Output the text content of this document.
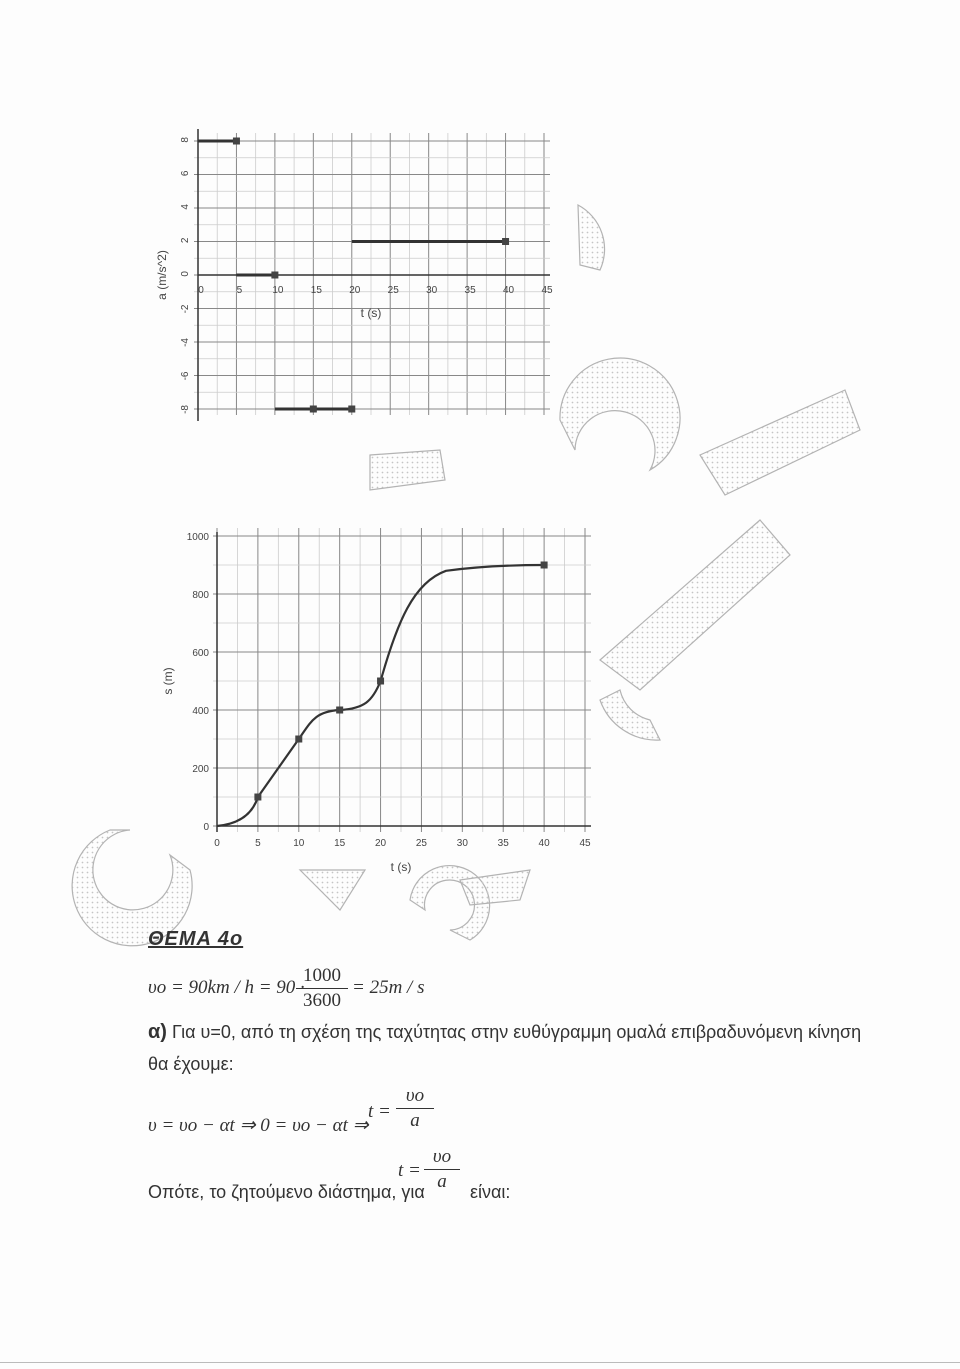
8
6
4
2
0
-2
-4
-6
-8
0	5	10	15	20	25	30	35	40	45
t (s)
a (m/s^2)
1000
800
600
400
200
0
0	5	10	15	20	25	30	35	40	45
t (s)
s (m)
ΘΕΜΑ 4ο
υo = 90km / h = 90 ·
1000
3600
= 25m / s
α) Για υ=0, από τη σχέση της ταχύτητας στην ευθύγραμμη ομαλά επιβραδυνόμενη κίνηση
θα έχουμε:
υ = υo − αt ⇒ 0 = υo − αt ⇒
t =
υo
a
t =
υo
a
Οπότε, το ζητούμενο διάστημα, για	είναι:
